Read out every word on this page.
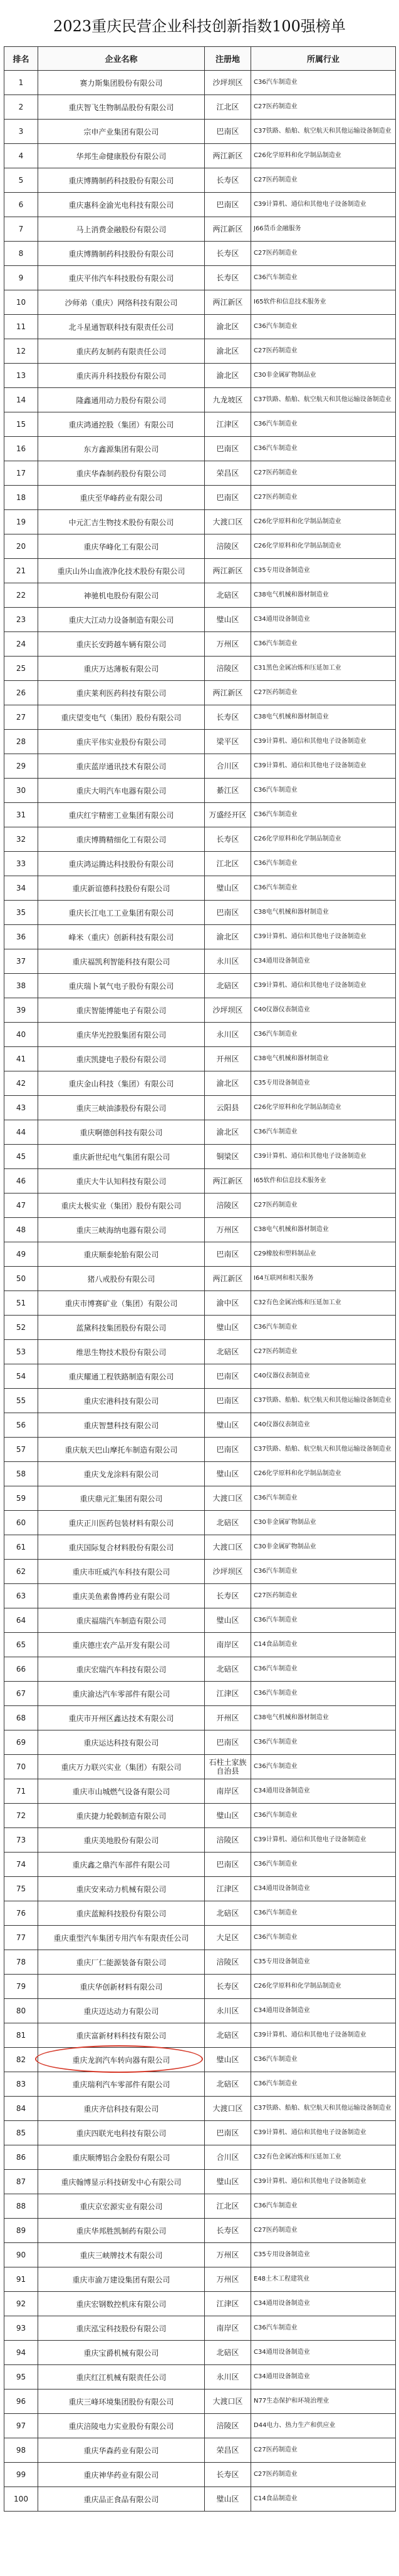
2023重庆民营企业科技创新指数100强榜单
排名	企业名称	注册地	所属行业
1	赛力斯集团股份有限公司	沙坪坝区	C36汽车制造业
2	重庆智飞生物制品股份有限公司	江北区	C27医药制造业
3	宗申产业集团有限公司	巴南区	C37铁路、船舶、航空航天和其他运输设备制造业
4	华邦生命健康股份有限公司	两江新区	C26化学原料和化学制品制造业
5	重庆博腾制药科技股份有限公司	长寿区	C27医药制造业
6	重庆惠科金渝光电科技有限公司	巴南区	C39计算机、通信和其他电子设备制造业
7	马上消费金融股份有限公司	两江新区	J66货币金融服务
8	重庆博腾制药科技股份有限公司	长寿区	C27医药制造业
9	重庆平伟汽车科技股份有限公司	长寿区	C36汽车制造业
10	沙师弟（重庆）网络科技有限公司	两江新区	I65软件和信息技术服务业
11	北斗星通智联科技有限责任公司	渝北区	C36汽车制造业
12	重庆药友制药有限责任公司	渝北区	C27医药制造业
13	重庆再升科技股份有限公司	渝北区	C30非金属矿物制品业
14	隆鑫通用动力股份有限公司	九龙坡区	C37铁路、船舶、航空航天和其他运输设备制造业
15	重庆鸿通控股（集团）有限公司	江津区	C36汽车制造业
16	东方鑫源集团有限公司	巴南区	C36汽车制造业
17	重庆华森制药股份有限公司	荣昌区	C27医药制造业
18	重庆至华峰药业有限公司	巴南区	C27医药制造业
19	中元汇吉生物技术股份有限公司	大渡口区	C26化学原料和化学制品制造业
20	重庆华峰化工有限公司	涪陵区	C26化学原料和化学制品制造业
21	重庆山外山血液净化技术股份有限公司	两江新区	C35专用设备制造业
22	神驰机电股份有限公司	北碚区	C38电气机械和器材制造业
23	重庆大江动力设备制造有限公司	璧山区	C34通用设备制造业
24	重庆长安跨越车辆有限公司	万州区	C36汽车制造业
25	重庆万达薄板有限公司	涪陵区	C31黑色金属冶炼和压延加工业
26	重庆莱利医药科技有限公司	两江新区	C27医药制造业
27	重庆望变电气（集团）股份有限公司	长寿区	C38电气机械和器材制造业
28	重庆平伟实业股份有限公司	梁平区	C39计算机、通信和其他电子设备制造业
29	重庆蓝岸通讯技术有限公司	合川区	C39计算机、通信和其他电子设备制造业
30	重庆大明汽车电器有限公司	綦江区	C36汽车制造业
31	重庆红宇精密工业集团有限公司	万盛经开区	C36汽车制造业
32	重庆博腾精细化工有限公司	长寿区	C26化学原料和化学制品制造业
33	重庆鸿运腾达科技股份有限公司	江北区	C36汽车制造业
34	重庆新谊德科技股份有限公司	璧山区	C36汽车制造业
35	重庆长江电工工业集团有限公司	巴南区	C38电气机械和器材制造业
36	峰米（重庆）创新科技有限公司	渝北区	C39计算机、通信和其他电子设备制造业
37	重庆福凯利智能科技有限公司	永川区	C34通用设备制造业
38	重庆瑞卜氧气电子股份有限公司	北碚区	C39计算机、通信和其他电子设备制造业
39	重庆智能博能电子有限公司	沙坪坝区	C40仪器仪表制造业
40	重庆华光控股集团有限公司	永川区	C36汽车制造业
41	重庆凯捷电子股份有限公司	开州区	C38电气机械和器材制造业
42	重庆金山科技（集团）有限公司	渝北区	C35专用设备制造业
43	重庆三峡油漆股份有限公司	云阳县	C26化学原料和化学制品制造业
44	重庆啊德创科技有限公司	渝北区	C36汽车制造业
45	重庆新世纪电气集团有限公司	铜梁区	C39计算机、通信和其他电子设备制造业
46	重庆大牛认知科技有限公司	两江新区	I65软件和信息技术服务业
47	重庆太极实业（集团）股份有限公司	涪陵区	C27医药制造业
48	重庆三峡海纳电器有限公司	万州区	C38电气机械和器材制造业
49	重庆顺泰轮胎有限公司	巴南区	C29橡胶和塑料制品业
50	猪八戒股份有限公司	两江新区	I64互联网和相关服务
51	重庆市博赛矿业（集团）有限公司	渝中区	C32有色金属冶炼和压延加工业
52	蓝黛科技集团股份有限公司	璧山区	C36汽车制造业
53	维思生物技术股份有限公司	北碚区	C27医药制造业
54	重庆耀通工程铁路制造有限公司	巴南区	C40仪器仪表制造业
55	重庆宏港科技有限公司	巴南区	C37铁路、船舶、航空航天和其他运输设备制造业
56	重庆智慧科技有限公司	璧山区	C40仪器仪表制造业
57	重庆航天巴山摩托车制造有限公司	巴南区	C37铁路、船舶、航空航天和其他运输设备制造业
58	重庆戈龙涂料有限公司	璧山区	C26化学原料和化学制品制造业
59	重庆鼎元汇集团有限公司	大渡口区	C36汽车制造业
60	重庆正川医药包装材料有限公司	北碚区	C30非金属矿物制品业
61	重庆国际复合材料股份有限公司	大渡口区	C30非金属矿物制品业
62	重庆市旺威汽车科技有限公司	沙坪坝区	C36汽车制造业
63	重庆美鱼素鲁博药业有限公司	长寿区	C27医药制造业
64	重庆福瑞汽车制造有限公司	璧山区	C36汽车制造业
65	重庆德庄农产品开发有限公司	南岸区	C14食品制造业
66	重庆宏瑞汽车科技有限公司	北碚区	C36汽车制造业
67	重庆渝达汽车零部件有限公司	江津区	C36汽车制造业
68	重庆市开州区鑫达技术有限公司	开州区	C38电气机械和器材制造业
69	重庆运达科技有限公司	巴南区	C36汽车制造业
70	重庆万力联兴实业（集团）有限公司	石柱土家族自治县	C36汽车制造业
71	重庆市山城燃气设备有限公司	南岸区	C34通用设备制造业
72	重庆捷力轮毂制造有限公司	璧山区	C36汽车制造业
73	重庆美地股份有限公司	涪陵区	C39计算机、通信和其他电子设备制造业
74	重庆鑫之鼎汽车部件有限公司	巴南区	C36汽车制造业
75	重庆安来动力机械有限公司	江津区	C34通用设备制造业
76	重庆蓝鲸科技股份有限公司	北碚区	C36汽车制造业
77	重庆重型汽车集团专用汽车有限责任公司	大足区	C36汽车制造业
78	重庆厂仁能源装备有限公司	涪陵区	C35专用设备制造业
79	重庆华创新材料有限公司	长寿区	C26化学原料和化学制品制造业
80	重庆迈达动力有限公司	永川区	C34通用设备制造业
81	重庆富新材料科技有限公司	北碚区	C39计算机、通信和其他电子设备制造业
82	重庆龙润汽车转向器有限公司	璧山区	C36汽车制造业
83	重庆瑞利汽车零部件有限公司	北碚区	C36汽车制造业
84	重庆齐信科技有限公司	大渡口区	C37铁路、船舶、航空航天和其他运输设备制造业
85	重庆四联光电科技有限公司	巴南区	C39计算机、通信和其他电子设备制造业
86	重庆顺博铝合金股份有限公司	合川区	C32有色金属冶炼和压延加工业
87	重庆翰博显示科技研发中心有限公司	璧山区	C39计算机、通信和其他电子设备制造业
88	重庆京宏源实业有限公司	江北区	C36汽车制造业
89	重庆华邦胜凯制药有限公司	长寿区	C27医药制造业
90	重庆三峡牌技术有限公司	万州区	C35专用设备制造业
91	重庆市渝万建设集团有限公司	万州区	E48土木工程建筑业
92	重庆宏钢数控机床有限公司	江津区	C34通用设备制造业
93	重庆泓宝科技股份有限公司	南岸区	C36汽车制造业
94	重庆宝爵机械有限公司	北碚区	C34通用设备制造业
95	重庆红江机械有限责任公司	永川区	C34通用设备制造业
96	重庆三峰环境集团股份有限公司	大渡口区	N77生态保护和环境治理业
97	重庆涪陵电力实业股份有限公司	涪陵区	D44电力、热力生产和供应业
98	重庆华森药业有限公司	荣昌区	C27医药制造业
99	重庆神华药业有限公司	长寿区	C27医药制造业
100	重庆品正食品有限公司	璧山区	C14食品制造业
